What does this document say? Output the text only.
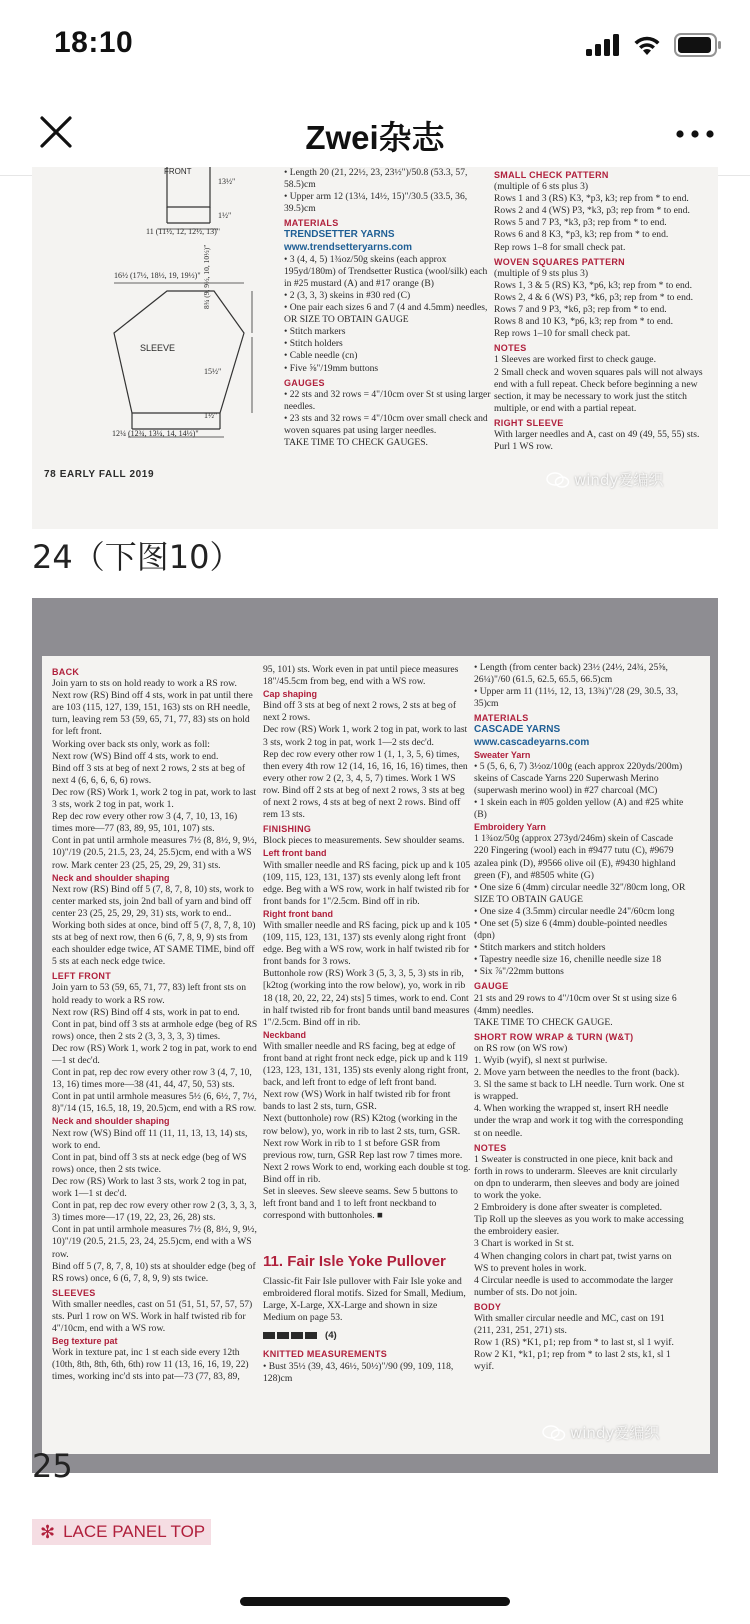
18:10
Zwei杂志
FRONT
13½"
1½"
11 (11½, 12, 12½, 13)"
16½ (17½, 18½, 19, 19½)"
SLEEVE
8¾ (9, 9½, 10, 10½)"
15½"
1½"
12¼ (12¾, 13¼, 14, 14½)"
78 EARLY FALL 2019

• Length 20 (21, 22½, 23, 23½")/50.8 (53.3, 57, 58.5)cm

• Upper arm 12 (13¼, 14½, 15)"/30.5 (33.5, 36, 39.5)cm

MATERIALS

TRENDSETTER YARNS

www.trendsetteryarns.com

• 3 (4, 4, 5) 1¾oz/50g skeins (each approx 195yd/180m) of Trendsetter Rustica (wool/silk) each in #25 mustard (A) and #17 orange (B)

• 2 (3, 3, 3) skeins in #30 red (C)

• One pair each sizes 6 and 7 (4 and 4.5mm) needles, OR SIZE TO OBTAIN GAUGE

• Stitch markers

• Stitch holders

• Cable needle (cn)

• Five ⅝"/19mm buttons

GAUGES

• 22 sts and 32 rows = 4"/10cm over St st using larger needles.

• 23 sts and 32 rows = 4"/10cm over small check and woven squares pat using larger needles.

TAKE TIME TO CHECK GAUGES.

SMALL CHECK PATTERN

(multiple of 6 sts plus 3)

Rows 1 and 3 (RS) K3, *p3, k3; rep from * to end.

Rows 2 and 4 (WS) P3, *k3, p3; rep from * to end.

Rows 5 and 7 P3, *k3, p3; rep from * to end.

Rows 6 and 8 K3, *p3, k3; rep from * to end.

Rep rows 1–8 for small check pat.

WOVEN SQUARES PATTERN

(multiple of 9 sts plus 3)

Rows 1, 3 & 5 (RS) K3, *p6, k3; rep from * to end.

Rows 2, 4 & 6 (WS) P3, *k6, p3; rep from * to end.

Rows 7 and 9 P3, *k6, p3; rep from * to end.

Rows 8 and 10 K3, *p6, k3; rep from * to end.

Rep rows 1–10 for small check pat.

NOTES

1 Sleeves are worked first to check gauge.

2 Small check and woven squares pals will not always end with a full repeat. Check before beginning a new section, it may be necessary to work just the stitch multiple, or end with a partial repeat.

RIGHT SLEEVE

With larger needles and A, cast on 49 (49, 55, 55) sts. Purl 1 WS row.

windy爱编织
24（下图10）

BACK

Join yarn to sts on hold ready to work a RS row.

Next row (RS) Bind off 4 sts, work in pat until there are 103 (115, 127, 139, 151, 163) sts on RH needle, turn, leaving rem 53 (59, 65, 71, 77, 83) sts on hold for left front.

Working over back sts only, work as foll:

Next row (WS) Bind off 4 sts, work to end.

Bind off 3 sts at beg of next 2 rows, 2 sts at beg of next 4 (6, 6, 6, 6, 6) rows.

Dec row (RS) Work 1, work 2 tog in pat, work to last 3 sts, work 2 tog in pat, work 1.

Rep dec row every other row 3 (4, 7, 10, 13, 16) times more—77 (83, 89, 95, 101, 107) sts.

Cont in pat until armhole measures 7½ (8, 8½, 9, 9½, 10)"/19 (20.5, 21.5, 23, 24, 25.5)cm, end with a WS row. Mark center 23 (25, 25, 29, 29, 31) sts.

Neck and shoulder shaping

Next row (RS) Bind off 5 (7, 8, 7, 8, 10) sts, work to center marked sts, join 2nd ball of yarn and bind off center 23 (25, 25, 29, 29, 31) sts, work to end.. Working both sides at once, bind off 5 (7, 8, 7, 8, 10) sts at beg of next row, then 6 (6, 7, 8, 9, 9) sts from each shoulder edge twice, AT SAME TIME, bind off 5 sts at each neck edge twice.

LEFT FRONT

Join yarn to 53 (59, 65, 71, 77, 83) left front sts on hold ready to work a RS row.

Next row (RS) Bind off 4 sts, work in pat to end.

Cont in pat, bind off 3 sts at armhole edge (beg of RS rows) once, then 2 sts 2 (3, 3, 3, 3, 3) times.

Dec row (RS) Work 1, work 2 tog in pat, work to end—1 st dec'd.

Cont in pat, rep dec row every other row 3 (4, 7, 10, 13, 16) times more—38 (41, 44, 47, 50, 53) sts.

Cont in pat until armhole measures 5½ (6, 6½, 7, 7½, 8)"/14 (15, 16.5, 18, 19, 20.5)cm, end with a RS row.

Neck and shoulder shaping

Next row (WS) Bind off 11 (11, 11, 13, 13, 14) sts, work to end.

Cont in pat, bind off 3 sts at neck edge (beg of WS rows) once, then 2 sts twice.

Dec row (RS) Work to last 3 sts, work 2 tog in pat, work 1—1 st dec'd.

Cont in pat, rep dec row every other row 2 (3, 3, 3, 3, 3) times more—17 (19, 22, 23, 26, 28) sts.

Cont in pat until armhole measures 7½ (8, 8½, 9, 9½, 10)"/19 (20.5, 21.5, 23, 24, 25.5)cm, end with a WS row.

Bind off 5 (7, 8, 7, 8, 10) sts at shoulder edge (beg of RS rows) once, 6 (6, 7, 8, 9, 9) sts twice.

SLEEVES

With smaller needles, cast on 51 (51, 51, 57, 57, 57) sts. Purl 1 row on WS. Work in half twisted rib for 4"/10cm, end with a WS row.

Beg texture pat

Work in texture pat, inc 1 st each side every 12th (10th, 8th, 8th, 6th, 6th) row 11 (13, 16, 16, 19, 22) times, working inc'd sts into pat—73 (77, 83, 89,

95, 101) sts. Work even in pat until piece measures 18"/45.5cm from beg, end with a WS row.

Cap shaping

Bind off 3 sts at beg of next 2 rows, 2 sts at beg of next 2 rows.

Dec row (RS) Work 1, work 2 tog in pat, work to last 3 sts, work 2 tog in pat, work 1—2 sts dec'd.

Rep dec row every other row 1 (1, 1, 3, 5, 6) times, then every 4th row 12 (14, 16, 16, 16, 16) times, then every other row 2 (2, 3, 4, 5, 7) times. Work 1 WS row. Bind off 2 sts at beg of next 2 rows, 3 sts at beg of next 2 rows, 4 sts at beg of next 2 rows. Bind off rem 13 sts.

FINISHING

Block pieces to measurements. Sew shoulder seams.

Left front band

With smaller needle and RS facing, pick up and k 105 (109, 115, 123, 131, 137) sts evenly along left front edge. Beg with a WS row, work in half twisted rib for front bands for 1"/2.5cm. Bind off in rib.

Right front band

With smaller needle and RS facing, pick up and k 105 (109, 115, 123, 131, 137) sts evenly along right front edge. Beg with a WS row, work in half twisted rib for front bands for 3 rows.

Buttonhole row (RS) Work 3 (5, 3, 3, 5, 3) sts in rib, [k2tog (working into the row below), yo, work in rib 18 (18, 20, 22, 22, 24) sts] 5 times, work to end. Cont in half twisted rib for front bands until band measures 1"/2.5cm. Bind off in rib.

Neckband

With smaller needle and RS facing, beg at edge of front band at right front neck edge, pick up and k 119 (123, 123, 131, 131, 135) sts evenly along right front, back, and left front to edge of left front band.

Next row (WS) Work in half twisted rib for front bands to last 2 sts, turn, GSR.

Next (buttonhole) row (RS) K2tog (working in the row below), yo, work in rib to last 2 sts, turn, GSR.

Next row Work in rib to 1 st before GSR from previous row, turn, GSR Rep last row 7 times more.

Next 2 rows Work to end, working each double st tog. Bind off in rib.

Set in sleeves. Sew sleeve seams. Sew 5 buttons to left front band and 1 to left front neckband to correspond with buttonholes. ■

11. Fair Isle Yoke Pullover

Classic-fit Fair Isle pullover with Fair Isle yoke and embroidered floral motifs. Sized for Small, Medium, Large, X-Large, XX-Large and shown in size Medium on page 53.

(4)

KNITTED MEASUREMENTS

• Bust 35½ (39, 43, 46½, 50½)"/90 (99, 109, 118, 128)cm

• Length (from center back) 23½ (24½, 24¾, 25⅝, 26¼)"/60 (61.5, 62.5, 65.5, 66.5)cm

• Upper arm 11 (11½, 12, 13, 13¾)"/28 (29, 30.5, 33, 35)cm

MATERIALS

CASCADE YARNS

www.cascadeyarns.com

Sweater Yarn

• 5 (5, 6, 6, 7) 3½oz/100g (each approx 220yds/200m) skeins of Cascade Yarns 220 Superwash Merino (superwash merino wool) in #27 charcoal (MC)

• 1 skein each in #05 golden yellow (A) and #25 white (B)

Embroidery Yarn

1 1¾oz/50g (approx 273yd/246m) skein of Cascade 220 Fingering (wool) each in #9477 tutu (C), #9679 azalea pink (D), #9566 olive oil (E), #9430 highland green (F), and #8505 white (G)

• One size 6 (4mm) circular needle 32"/80cm long, OR SIZE TO OBTAIN GAUGE

• One size 4 (3.5mm) circular needle 24"/60cm long

• One set (5) size 6 (4mm) double-pointed needles (dpn)

• Stitch markers and stitch holders

• Tapestry needle size 16, chenille needle size 18

• Six ⅞"/22mm buttons

GAUGE

21 sts and 29 rows to 4"/10cm over St st using size 6 (4mm) needles.

TAKE TIME TO CHECK GAUGE.

SHORT ROW WRAP & TURN (W&T)

on RS row (on WS row)

1. Wyib (wyif), sl next st purlwise.

2. Move yarn between the needles to the front (back).

3. Sl the same st back to LH needle. Turn work. One st is wrapped.

4. When working the wrapped st, insert RH needle under the wrap and work it tog with the corresponding st on needle.

NOTES

1 Sweater is constructed in one piece, knit back and forth in rows to underarm. Sleeves are knit circularly on dpn to underarm, then sleeves and body are joined to work the yoke.

2 Embroidery is done after sweater is completed.

Tip Roll up the sleeves as you work to make accessing the embroidery easier.

3 Chart is worked in St st.

4 When changing colors in chart pat, twist yarns on WS to prevent holes in work.

4 Circular needle is used to accommodate the larger number of sts. Do not join.

BODY

With smaller circular needle and MC, cast on 191 (211, 231, 251, 271) sts.

Row 1 (RS) *K1, p1; rep from * to last st, sl 1 wyif.

Row 2 K1, *k1, p1; rep from * to last 2 sts, k1, sl 1 wyif.

windy爱编织
25
✻ LACE PANEL TOP
